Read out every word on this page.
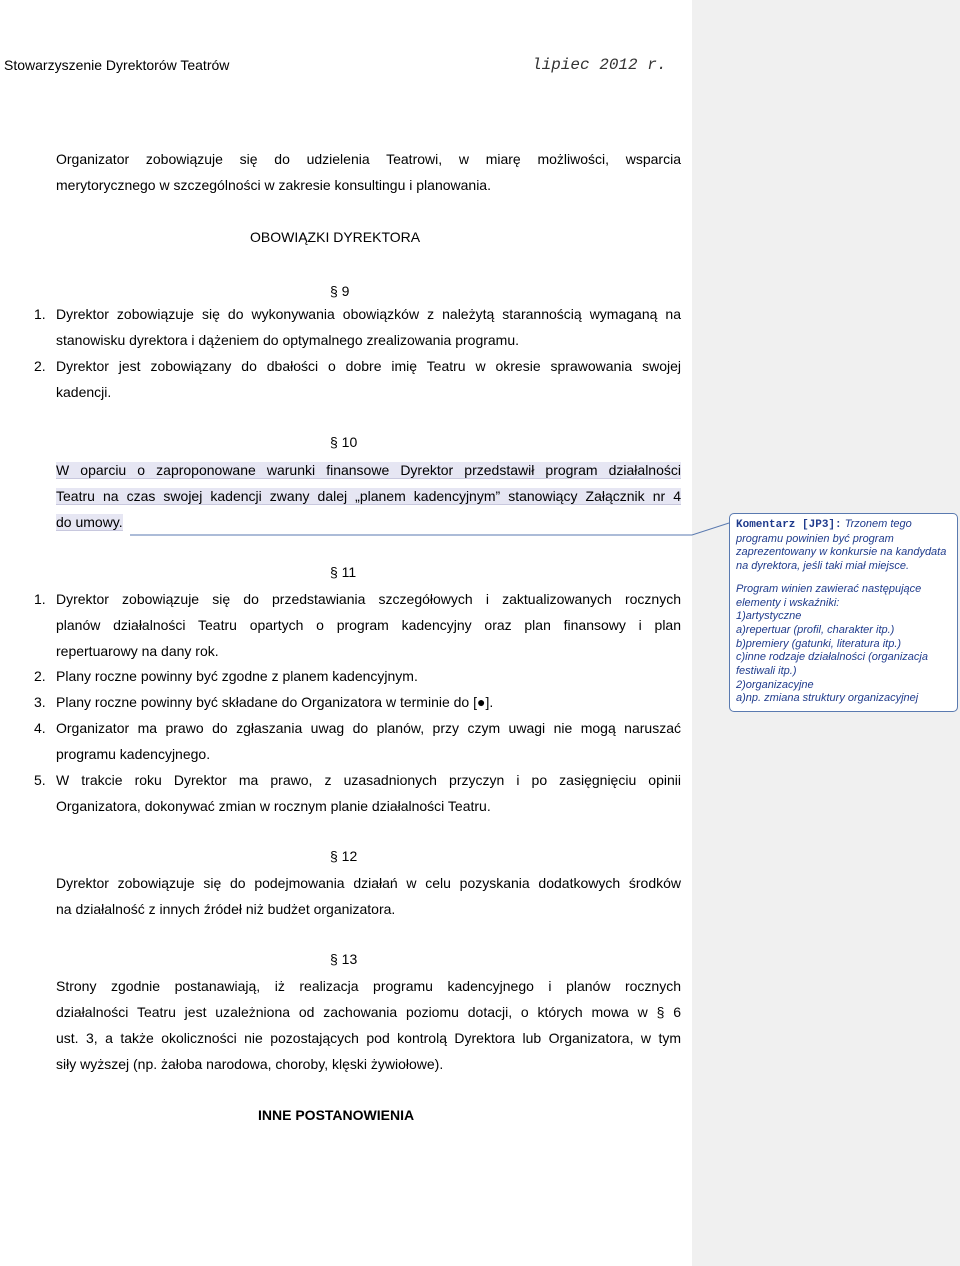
Stowarzyszenie Dyrektorów Teatrów	lipiec 2012 r.
Organizator zobowiązuje się do udzielenia Teatrowi, w miarę możliwości, wsparcia
merytorycznego w szczególności w zakresie konsultingu i planowania.
OBOWIĄZKI DYREKTORA
§ 9
1. Dyrektor zobowiązuje się do wykonywania obowiązków z należytą starannością wymaganą na
stanowisku dyrektora i dążeniem do optymalnego zrealizowania programu.
2. Dyrektor jest zobowiązany do dbałości o dobre imię Teatru w okresie sprawowania swojej
kadencji.
§ 10
W oparciu o zaproponowane warunki finansowe Dyrektor przedstawił program działalności
Teatru na czas swojej kadencji zwany dalej „planem kadencyjnym” stanowiący Załącznik nr 4
do umowy.
§ 11
1. Dyrektor zobowiązuje się do przedstawiania szczegółowych i zaktualizowanych rocznych
planów działalności Teatru opartych o program kadencyjny oraz plan finansowy i plan
repertuarowy na dany rok.
2. Plany roczne powinny być zgodne z planem kadencyjnym.
3. Plany roczne powinny być składane do Organizatora w terminie do [●].
4. Organizator ma prawo do zgłaszania uwag do planów, przy czym uwagi nie mogą naruszać
programu kadencyjnego.
5. W trakcie roku Dyrektor ma prawo, z uzasadnionych przyczyn i po zasięgnięciu opinii
Organizatora, dokonywać zmian w rocznym planie działalności Teatru.
§ 12
Dyrektor zobowiązuje się do podejmowania działań w celu pozyskania dodatkowych środków
na działalność z innych źródeł niż budżet organizatora.
§ 13
Strony zgodnie postanawiają, iż realizacja programu kadencyjnego i planów rocznych
działalności Teatru jest uzależniona od zachowania poziomu dotacji, o których mowa w § 6
ust. 3, a także okoliczności nie pozostających pod kontrolą Dyrektora lub Organizatora, w tym
siły wyższej (np. żałoba narodowa, choroby, klęski żywiołowe).
INNE POSTANOWIENIA
Komentarz [JP3]: Trzonem tego programu powinien być program zaprezentowany w konkursie na kandydata na dyrektora, jeśli taki miał miejsce.
Program winien zawierać następujące elementy i wskaźniki:
1)artystyczne
a)repertuar (profil, charakter itp.)
b)premiery (gatunki, literatura itp.)
c)inne rodzaje działalności (organizacja festiwali itp.)
2)organizacyjne
a)np. zmiana struktury organizacyjnej
